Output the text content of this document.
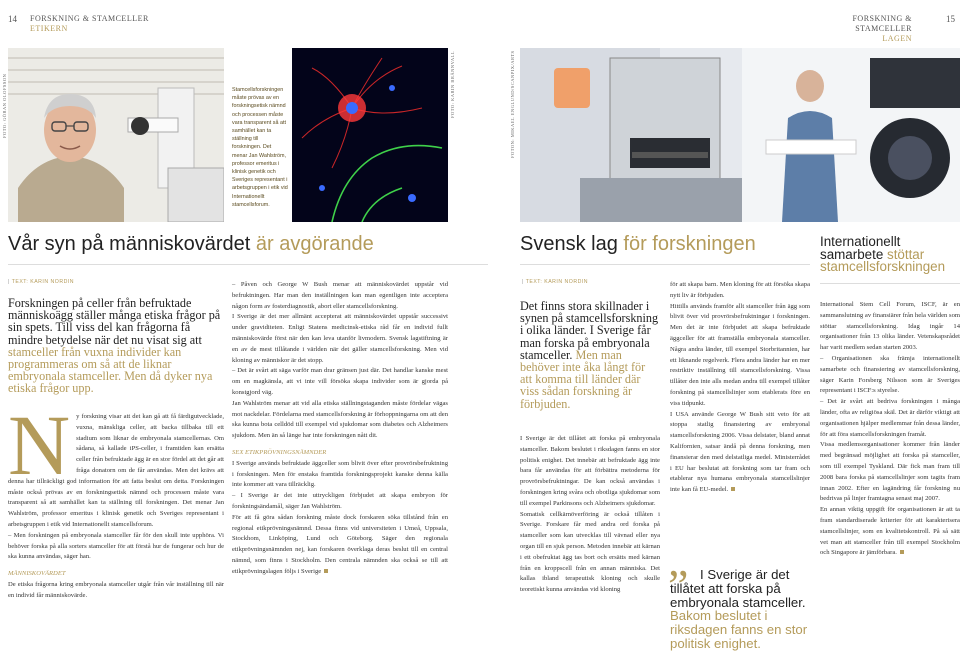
14 FORSKNING & STAMCELLER
ETIKERN
FOTO: GÖRAN OLOFSSON	Stamcellsforskningen måste prövas av en forskningsetisk nämnd och processen måste vara transparent så att samhället kan ta ställning till forskningen. Det menar Jan Wahlström, professor emeritus i klinisk genetik och Sveriges representant i arbetsgruppen i etik vid Internationellt stamcellsforum.
FOTO: KARIN BRÄNNVALL
Vår syn på människovärdet är avgörande
| TEXT: KARIN NORDIN
Forskningen på celler från befruktade människoägg ställer många etiska frågor på sin spets. Till viss del kan frågorna få mindre betydelse när det nu visat sig att stamceller från vuxna individer kan programmeras om så att de liknar embryonala stamceller. Men då dyker nya etiska frågor upp.
N y forskning visar att det kan gå att få färdigutvecklade, vuxna, mänskliga celler, att backa tillbaka till ett stadium som liknar de embryonala stamcellernas. Om sådana, så kallade iPS-celler, i framtiden kan ersätta celler från befruktade ägg är en stor fördel att det går att fråga donatorn om de får användas. Men det krävs att denna har tillräckligt god information för att fatta beslut om detta. Forskningen måste också prövas av en forskningsetisk nämnd och processen måste vara transparent så att samhället kan ta ställning till forskningen. Det menar Jan Wahlström, professor emeritus i klinisk genetik och Sveriges representant i arbetsgruppen i etik vid Internationellt stamcellsforum.

– Men forskningen på embryonala stamceller får för den skull inte upphöra. Vi behöver forska på alla sorters stamceller för att förstå hur de fungerar och hur de ska kunna användas, säger han.

MÄNNISKOVÄRDET

De etiska frågorna kring embryonala stamceller utgår från vår inställning till när en individ får människovärde.

– Påven och George W Bush menar att människovärdet uppstår vid befruktningen. Har man den inställningen kan man egentligen inte acceptera någon form av fosterdiagnostik, abort eller stamcellsforskning.

I Sverige är det mer allmänt accepterat att människovärdet uppstår successivt under graviditeten. Enligt Statens medicinsk-etiska råd får en individ fullt människovärde först när den kan leva utanför livmodern. Svensk lagstiftning är en av de mest tillåtande i världen när det gäller stamcellsforskning. Men vid kloning av människor är det stopp.

– Det är svårt att säga varför man drar gränsen just där. Det handlar kanske mest om en magkänsla, att vi inte vill försöka skapa individer som är gjorda på konstgjord väg.

Jan Wahlström menar att vid alla etiska ställningstaganden måste fördelar vägas mot nackdelar. Fördelarna med stamcellsforskning är förhoppningarna om att den ska kunna bota celldöd till exempel vid sjukdomar som diabetes och Alzheimers sjukdom. Men än så länge har inte forskningen nått dit.

SEX ETIKPRÖVNINGSNÄMNDER

I Sverige används befruktade äggceller som blivit över efter provrörsbefruktning i forskningen. Men för enstaka framtida forskningsprojekt kanske denna källa inte kommer att vara tillräcklig.

– I Sverige är det inte uttryckligen förbjudet att skapa embryon för forskningsändamål, säger Jan Wahlström.

För att få göra sådan forskning måste dock forskaren söka tillstånd från en regional etikprövningsnämnd. Dessa finns vid universiteten i Umeå, Uppsala, Stockhom, Linköping, Lund och Göteborg. Säger den regionala etikprövningsnämnden nej, kan forskaren överklaga deras beslut till en central nämnd, som finns i Stockholm. Den centrala nämnden ska också se till att etikprövningslagen följs i Sverige

FORSKNING & STAMCELLER
LAGEN
15
FOTON: MIKAEL ENGLUND/SCANPIX/ARTS
Svensk lag för forskningen	Internationellt samarbete stöttar stamcellsforskningen
| TEXT: KARIN NORDIN
Det finns stora skillnader i synen på stamcellsforskning i olika länder. I Sverige får man forska på embryonala stamceller. Men man behöver inte åka långt för att komma till länder där viss sådan forskning är förbjuden.

I Sverige är det tillåtet att forska på embryonala stamceller. Bakom beslutet i riksdagen fanns en stor politisk enighet. Det innebär att befruktade ägg inte bara får användas för att förbättra metoderna för provrörsbefruktningar. De kan också användas i forskningen kring svåra och obotliga sjukdomar som till exempel Parkinsons och Alzheimers sjukdomar.

Somatisk cellkärnöverföring är också tillåten i Sverige. Forskare får med andra ord forska på stamceller som kan utvecklas till vävnad eller nya organ till en sjuk person. Metoden innebär att kärnan i ett obefruktat ägg tas bort och ersätts med kärnan från en kroppscell från en annan människa. Det kallas ibland terapeutisk kloning och skulle teoretiskt kunna användas vid kloning

för att skapa barn. Men kloning för att försöka skapa nytt liv är förbjuden.

Hittills används framför allt stamceller från ägg som blivit över vid provrörsbefruktningar i forskningen. Men det är inte förbjudet att skapa befruktade äggceller för att framställa embryonala stamceller. Några andra länder, till exempel Storbritannien, har ett liknande regelverk. Flera andra länder har en mer restriktiv inställning till stamcellsforskning. Vissa tillåter den inte alls medan andra till exempel tillåter forskning på stamcellslinjer som etablerats före en viss tidpunkt.

I USA använde George W Bush sitt veto för att stoppa statlig finansiering av embryonal stamcellsforskning 2006. Vissa delstater, bland annat Kalifornien, satsar ändå på denna forskning, men finansierar den med delstatliga medel. Ministerrådet i EU har beslutat att forskning som tar fram och etablerar nya humana embryonala stamcellslinjer inte kan få EU-medel.

” I Sverige är det tillåtet att forska på embryonala stamceller. Bakom beslutet i riksdagen fanns en stor politisk enighet.

International Stem Cell Forum, ISCF, är en sammanslutning av finansiärer från hela världen som stöttar stamcellsforskning. Idag ingår 14 organisationer från 13 olika länder. Vetenskapsrådet har varit medlem sedan starten 2003.

– Organisationen ska främja internationellt samarbete och finansiering av stamcellsforskning, säger Karin Forsberg Nilsson som är Sveriges representant i ISCF:s styrelse.

– Det är svårt att bedriva forskningen i många länder, ofta av religiösa skäl. Det är därför viktigt att organisationen hjälper medlemmar från dessa länder, för att föra stamcellsforskningen framåt.

Vissa medlemsorganisationer kommer från länder med begränsad möjlighet att forska på stamceller, som till exempel Tyskland. Där fick man fram till 2008 bara forska på stamcellslinjer som tagits fram innan 2002. Efter en lagändring får forskning nu bedrivas på linjer framtagna senast maj 2007.

En annan viktig uppgift för organisationen är att ta fram standardiserade kriterier för att karakterisera stamcellslinjer, som en kvalitetskontroll. På så sätt vet man att stamceller från till exempel Stockholm och Singapore är jämförbara.
